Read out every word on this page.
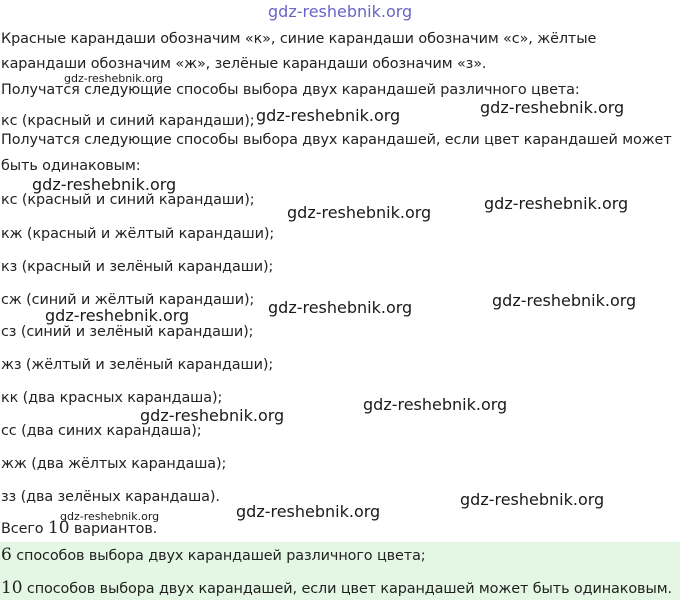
gdz-reshebnik.org
Красные карандаши обозначим «к», синие карандаши обозначим «с», жёлтые
карандаши обозначим «ж», зелёные карандаши обозначим «з».
Получатся следующие способы выбора двух карандашей различного цвета:
кс (красный и синий карандаши);
Получатся следующие способы выбора двух карандашей, если цвет карандашей может
быть одинаковым:
кс (красный и синий карандаши);
кж (красный и жёлтый карандаши);
кз (красный и зелёный карандаши);
сж (синий и жёлтый карандаши);
сз (синий и зелёный карандаши);
жз (жёлтый и зелёный карандаши);
кк (два красных карандаша);
сс (два синих карандаша);
жж (два жёлтых карандаша);
зз (два зелёных карандаша).
Всего 10 вариантов.
6 способов выбора двух карандашей различного цвета;
10 способов выбора двух карандашей, если цвет карандашей может быть одинаковым.
gdz-reshebnik.org
gdz-reshebnik.org
gdz-reshebnik.org
gdz-reshebnik.org
gdz-reshebnik.org
gdz-reshebnik.org
gdz-reshebnik.org	gdz-reshebnik.org
gdz-reshebnik.org
gdz-reshebnik.org
gdz-reshebnik.org
gdz-reshebnik.org
gdz-reshebnik.org
gdz-reshebnik.org
